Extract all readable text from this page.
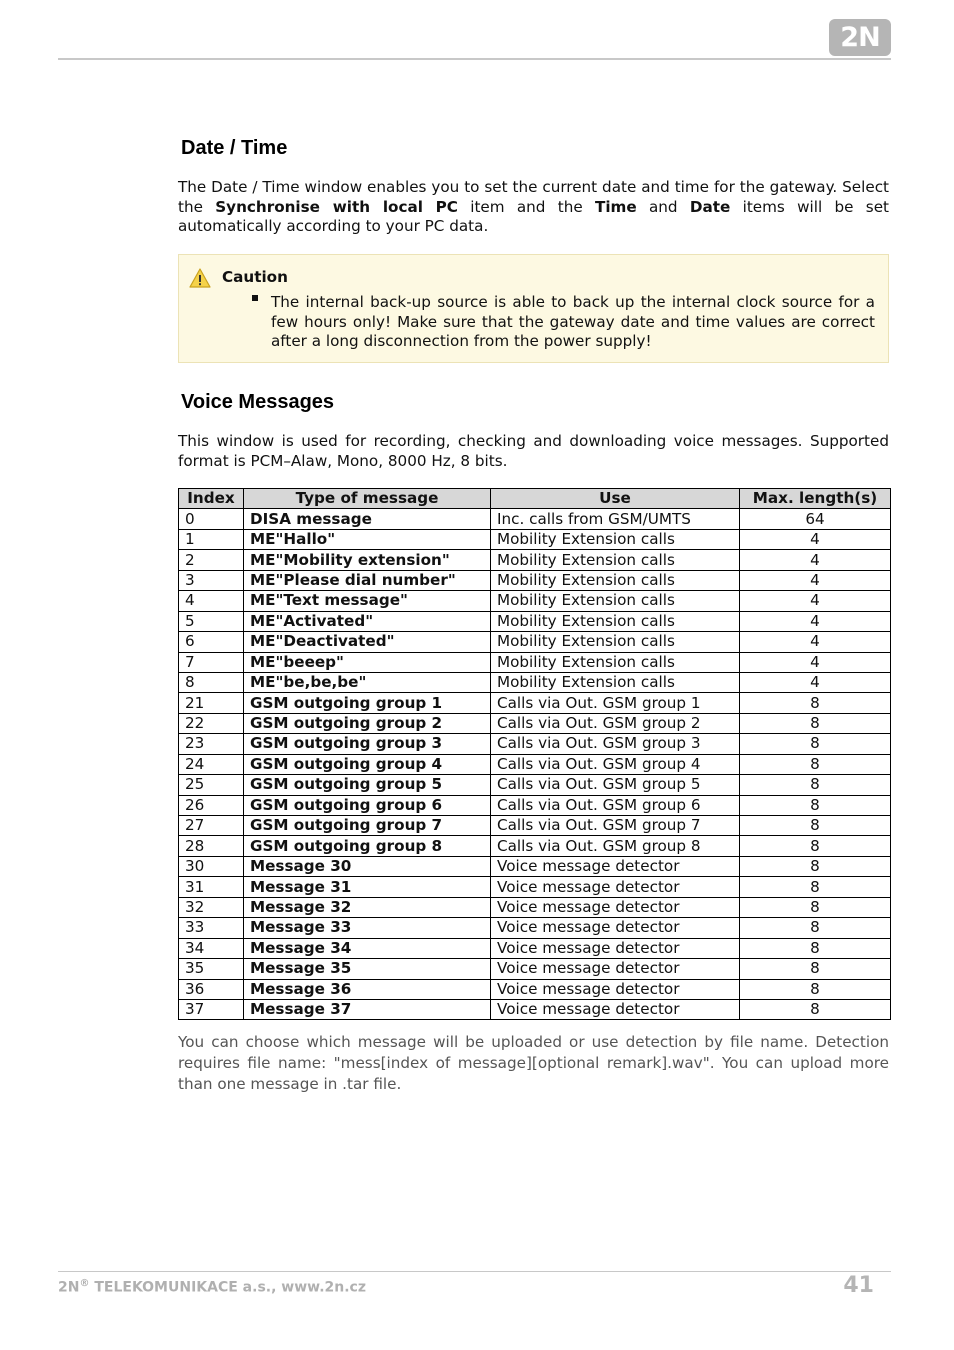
2N
Date / Time

The Date / Time window enables you to set the current date and time for the gateway. Select the Synchronise with local PC item and the Time and Date items will be set automatically according to your PC data.

Caution
The internal back-up source is able to back up the internal clock source for a few hours only! Make sure that the gateway date and time values are correct after a long disconnection from the power supply!
Voice Messages

This window is used for recording, checking and downloading voice messages. Supported format is PCM–Alaw, Mono, 8000 Hz, 8 bits.

Index	Type of message	Use	Max. length(s)
0	DISA message	Inc. calls from GSM/UMTS	64
1	ME"Hallo"	Mobility Extension calls	4
2	ME"Mobility extension"	Mobility Extension calls	4
3	ME"Please dial number"	Mobility Extension calls	4
4	ME"Text message"	Mobility Extension calls	4
5	ME"Activated"	Mobility Extension calls	4
6	ME"Deactivated"	Mobility Extension calls	4
7	ME"beeep"	Mobility Extension calls	4
8	ME"be,be,be"	Mobility Extension calls	4
21	GSM outgoing group 1	Calls via Out. GSM group 1	8
22	GSM outgoing group 2	Calls via Out. GSM group 2	8
23	GSM outgoing group 3	Calls via Out. GSM group 3	8
24	GSM outgoing group 4	Calls via Out. GSM group 4	8
25	GSM outgoing group 5	Calls via Out. GSM group 5	8
26	GSM outgoing group 6	Calls via Out. GSM group 6	8
27	GSM outgoing group 7	Calls via Out. GSM group 7	8
28	GSM outgoing group 8	Calls via Out. GSM group 8	8
30	Message 30	Voice message detector	8
31	Message 31	Voice message detector	8
32	Message 32	Voice message detector	8
33	Message 33	Voice message detector	8
34	Message 34	Voice message detector	8
35	Message 35	Voice message detector	8
36	Message 36	Voice message detector	8
37	Message 37	Voice message detector	8

You can choose which message will be uploaded or use detection by file name. Detection requires file name: "mess[index of message][optional remark].wav". You can upload more than one message in .tar file.

2N® TELEKOMUNIKACE a.s., www.2n.cz	41
